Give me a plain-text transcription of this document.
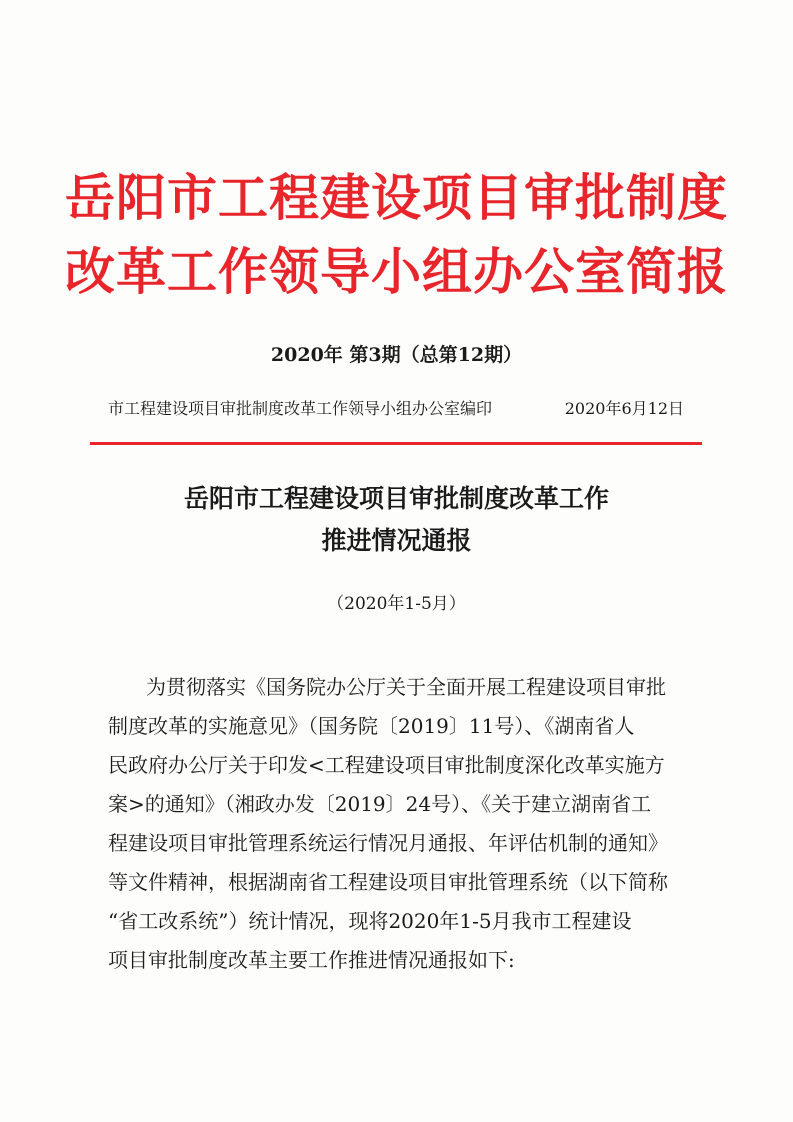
岳阳市工程建设项目审批制度
改革工作领导小组办公室简报
2020年 第3期（总第12期）
市工程建设项目审批制度改革工作领导小组办公室编印	2020年6月12日
岳阳市工程建设项目审批制度改革工作
推进情况通报
（2020年1-5月）
为贯彻落实《国务院办公厅关于全面开展工程建设项目审批
制度改革的实施意见》（国务院〔2019〕11号）、《湖南省人
民政府办公厅关于印发<工程建设项目审批制度深化改革实施方
案>的通知》（湘政办发〔2019〕24号）、《关于建立湖南省工
程建设项目审批管理系统运行情况月通报、年评估机制的通知》
等文件精神，根据湖南省工程建设项目审批管理系统（以下简称
“省工改系统”）统计情况，现将2020年1-5月我市工程建设
项目审批制度改革主要工作推进情况通报如下:
